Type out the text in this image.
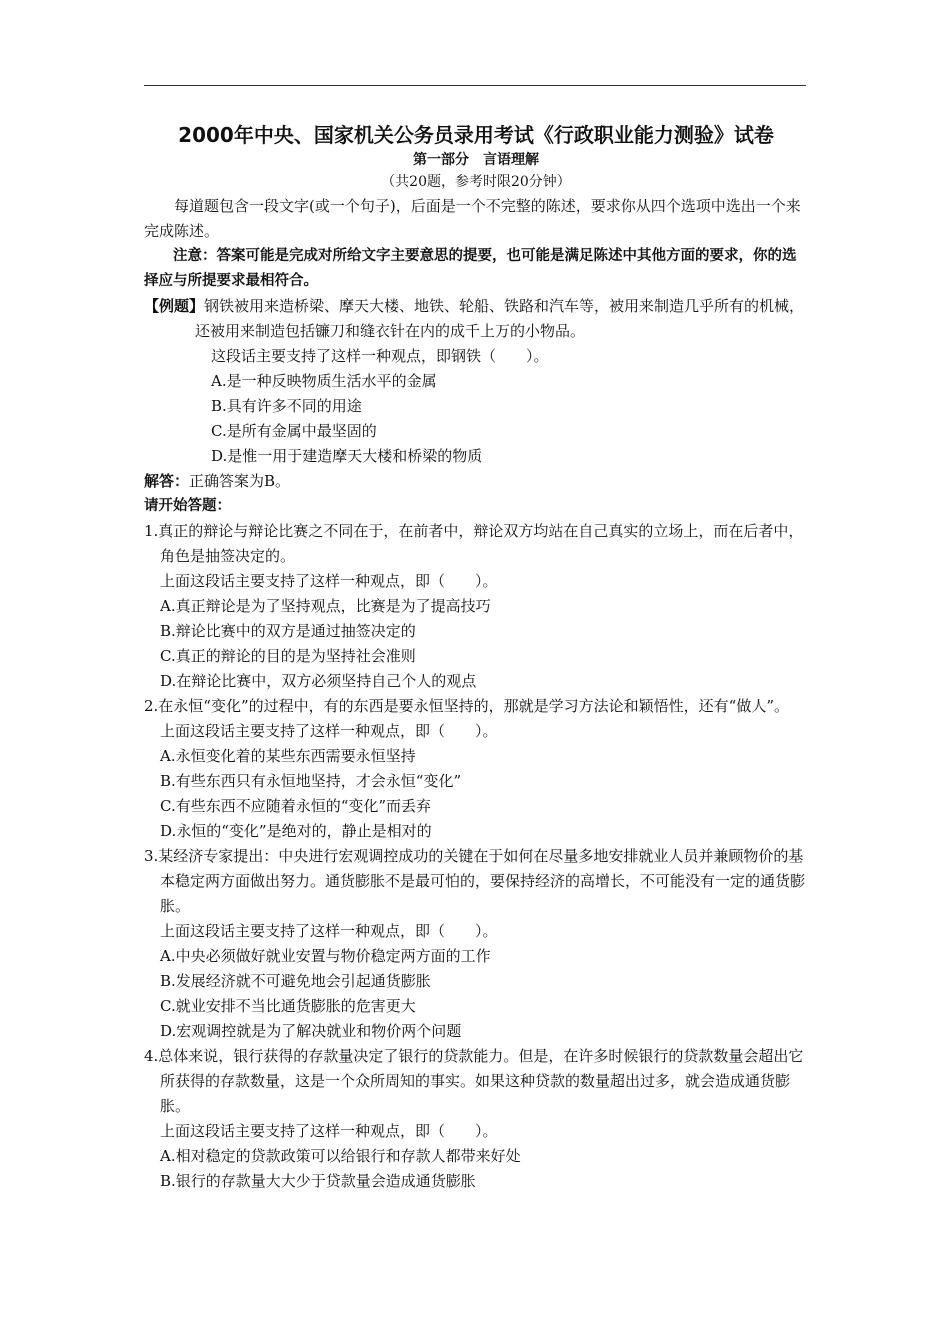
2000年中央、国家机关公务员录用考试《行政职业能力测验》试卷
第一部分　言语理解
（共20题，参考时限20分钟）
每道题包含一段文字(或一个句子)，后面是一个不完整的陈述，要求你从四个选项中选出一个来完成陈述。
注意：答案可能是完成对所给文字主要意思的提要，也可能是满足陈述中其他方面的要求，你的选择应与所提要求最相符合。
【例题】钢铁被用来造桥梁、摩天大楼、地铁、轮船、铁路和汽车等，被用来制造几乎所有的机械，还被用来制造包括镰刀和缝衣针在内的成千上万的小物品。
这段话主要支持了这样一种观点，即钢铁（　　）。
A.是一种反映物质生活水平的金属
B.具有许多不同的用途
C.是所有金属中最坚固的
D.是惟一用于建造摩天大楼和桥梁的物质
解答：正确答案为B。
请开始答题：
1.真正的辩论与辩论比赛之不同在于，在前者中，辩论双方均站在自己真实的立场上，而在后者中，角色是抽签决定的。
上面这段话主要支持了这样一种观点，即（　　）。
A.真正辩论是为了坚持观点，比赛是为了提高技巧
B.辩论比赛中的双方是通过抽签决定的
C.真正的辩论的目的是为坚持社会准则
D.在辩论比赛中，双方必须坚持自己个人的观点
2.在永恒“变化”的过程中，有的东西是要永恒坚持的，那就是学习方法论和颖悟性，还有“做人”。
上面这段话主要支持了这样一种观点，即（　　）。
A.永恒变化着的某些东西需要永恒坚持
B.有些东西只有永恒地坚持，才会永恒“变化”
C.有些东西不应随着永恒的“变化”而丢弃
D.永恒的“变化”是绝对的，静止是相对的
3.某经济专家提出：中央进行宏观调控成功的关键在于如何在尽量多地安排就业人员并兼顾物价的基本稳定两方面做出努力。通货膨胀不是最可怕的，要保持经济的高增长，不可能没有一定的通货膨胀。
上面这段话主要支持了这样一种观点，即（　　）。
A.中央必须做好就业安置与物价稳定两方面的工作
B.发展经济就不可避免地会引起通货膨胀
C.就业安排不当比通货膨胀的危害更大
D.宏观调控就是为了解决就业和物价两个问题
4.总体来说，银行获得的存款量决定了银行的贷款能力。但是，在许多时候银行的贷款数量会超出它所获得的存款数量，这是一个众所周知的事实。如果这种贷款的数量超出过多，就会造成通货膨胀。
上面这段话主要支持了这样一种观点，即（　　）。
A.相对稳定的贷款政策可以给银行和存款人都带来好处
B.银行的存款量大大少于贷款量会造成通货膨胀
